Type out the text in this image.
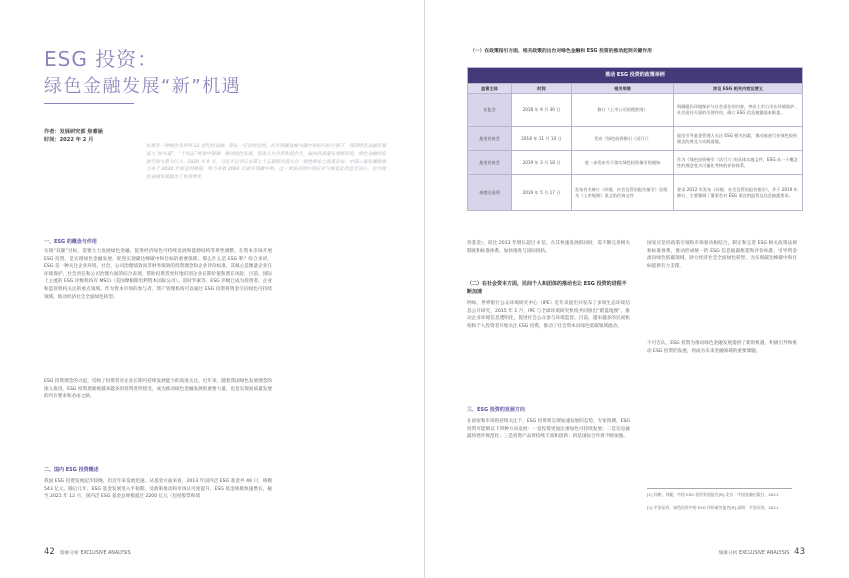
ESG 投资：
绿色金融发展“新”机遇
作者：发展研究部 焦睿涵
时间：2022 年 2 月
如果有一种颜色来形容 21 世纪的金融，那么一定是绿色的。在实现碳达峰与碳中和的目标引领下，我国绿色金融发展进入“快车道”，“十四五”规划中强调：推动绿色发展，促进人与自然和谐共生。面向高质量发展新阶段，绿色金融的发展空间与潜力巨大。2020 年 9 月，习近平总书记在第七十五届联合国大会一般性辩论上郑重宣布：中国二氧化碳排放力争于 2030 年前达到峰值，努力争取 2060 年前实现碳中和。这一承诺表明中国应对气候变化的坚定决心，也为绿色金融发展提出了更高要求。
一、ESG 的概念与作用
实现“双碳”目标，需要大力发展绿色金融，促进经济绿色可持续发展和能源结构等革性调整。在资本市场开展 ESG 投资，是实现绿色金融发展、促进实现碳达峰碳中和目标的重要保障。那么什么是 ESG 呢？综合来讲，ESG 是一种关注企业环境、社会、公司治理绩效而非财务绩效的投资理念和企业评价标准，其核心是衡量企业在环境保护、社会责任和公司治理方面的综合表现，帮助投资者更好地识别企业长期价值和潜在风险。目前，国际上主流的 ESG 评级机构有 MSCI（美国摩根斯坦利资本国际公司）、富时罗素等，ESG 评级已成为投资者、企业和监管机构关注的重点领域。作为资本市场的参与者，资产管理机构可以通过 ESG 投资将资金引向绿色可持续领域，推动经济社会全面绿色转型。
ESG 投资理念的兴起，反映了投资者对企业长期可持续发展能力的高度关注。近年来，随着我国绿色发展理念的深入推进，ESG 投资逐渐被越来越多的投资者所接受，成为推动绿色金融发展的重要力量，也是实现高质量发展的内在要求和必由之路。
二、国内 ESG 投资概述
我国 ESG 投资发展起步较晚，但近年来发展迅速。从基金方面来看，2013 年国内泛 ESG 基金共 49 只，规模 543 亿元。随后几年，ESG 基金发展进入平稳期，受政策推动和市场认可度提升，ESG 基金规模快速增长，截至 2021 年 12 月，国内泛 ESG 基金总规模超过 2200 亿元（包括股票和债
42 瑞豪分析 EXCLUSIVE ANALYSIS
（一）在政策指引方面，相关政策的出台对绿色金融和 ESG 投资的推动起到关键作用
推动 ESG 投资的政策举例			
监管主体	时间	相关举措	涉及 ESG 相关内容及要义
证监会	2018 年 9 月 30 日	修订《上市公司治理准则》	明确提出环境保护与社会责任的内容，突出上市公司在环境保护、社会责任方面的引领作用，确立 ESG 信息披露基本框架。
基金业协会	2018 年 11 月 10 日	发布《绿色投资指引（试行）》	提出引导基金管理人关注 ESG 相关因素，推动基金行业绿色投资理念的普及与实践落地。
基金业协会	2019 年 3 月 18 日	进一步发布关于落实绿色投资指引的通知	作为《绿色投资指引（试行）》的具体实施文件，ESG 从一个概念性的理念变为可量化考核的评价体系。
香港交易所	2019 年 5 月 17 日	发布有关修订《环境、社会及管治报告指引》及相关《上市规则》条文的咨询文件	要求 2012 年发布《环境、社会及管治报告指引》，并于 2019 年修订，主要强调了董事会对 ESG 事宜的监管及信息披露要求。
券基金），较比 2013 年增长超过 4 倍，在其快速发展的同时，需不断完善相关制度和标准体系，加快推进与国际接轨。
（二）在社会资本方面，民间个人和团体的推动也让 ESG 投资的进程不断加速
例如，世界银行公众环境研究中心（IPE）近年来提出并发布了多项生态环境信息公开研究，2015 年 1 月，IPE 与全球环境研究机构共同推出“蔚蓝地图”，推动企业环境信息透明化，促进社会公众参与环境监督。目前，越来越多的民间机构和个人投资者开始关注 ESG 投资，推动了社会资本向绿色低碳领域流动。
三、ESG 投资的发展方向
在国家和市场的持续关注下，ESG 投资将呈现加速发展的态势。专家预测，ESG 投资可能朝以下四种方向发展：一是投资更加注重绿色可持续发展；二是信息披露将逐步规范化；三是投资产品将持续丰富和创新；四是国际合作将不断加强。
国家应坚持政策引领和市场驱动相结合，制定和完善 ESG 相关政策法规和标准体系，推动形成统一的 ESG 信息披露框架和评价标准，引导资金流向绿色低碳领域，助力经济社会全面绿色转型，为实现碳达峰碳中和目标提供有力支撑。
不可否认，ESG 投资为推动绿色金融发展提供了新的机遇，积极引导和推动 ESG 投资的发展，将成为未来金融领域的重要课题。
[1] 孙彬，刘婕，中国 ESG 投资发展报告[R].北京：中国金融出版社，2021
[2] 平安证券，绿色投资中的 ESG 评价研究报告[R].深圳：平安证券，2021
瑞豪分析 EXCLUSIVE ANALYSIS 43
